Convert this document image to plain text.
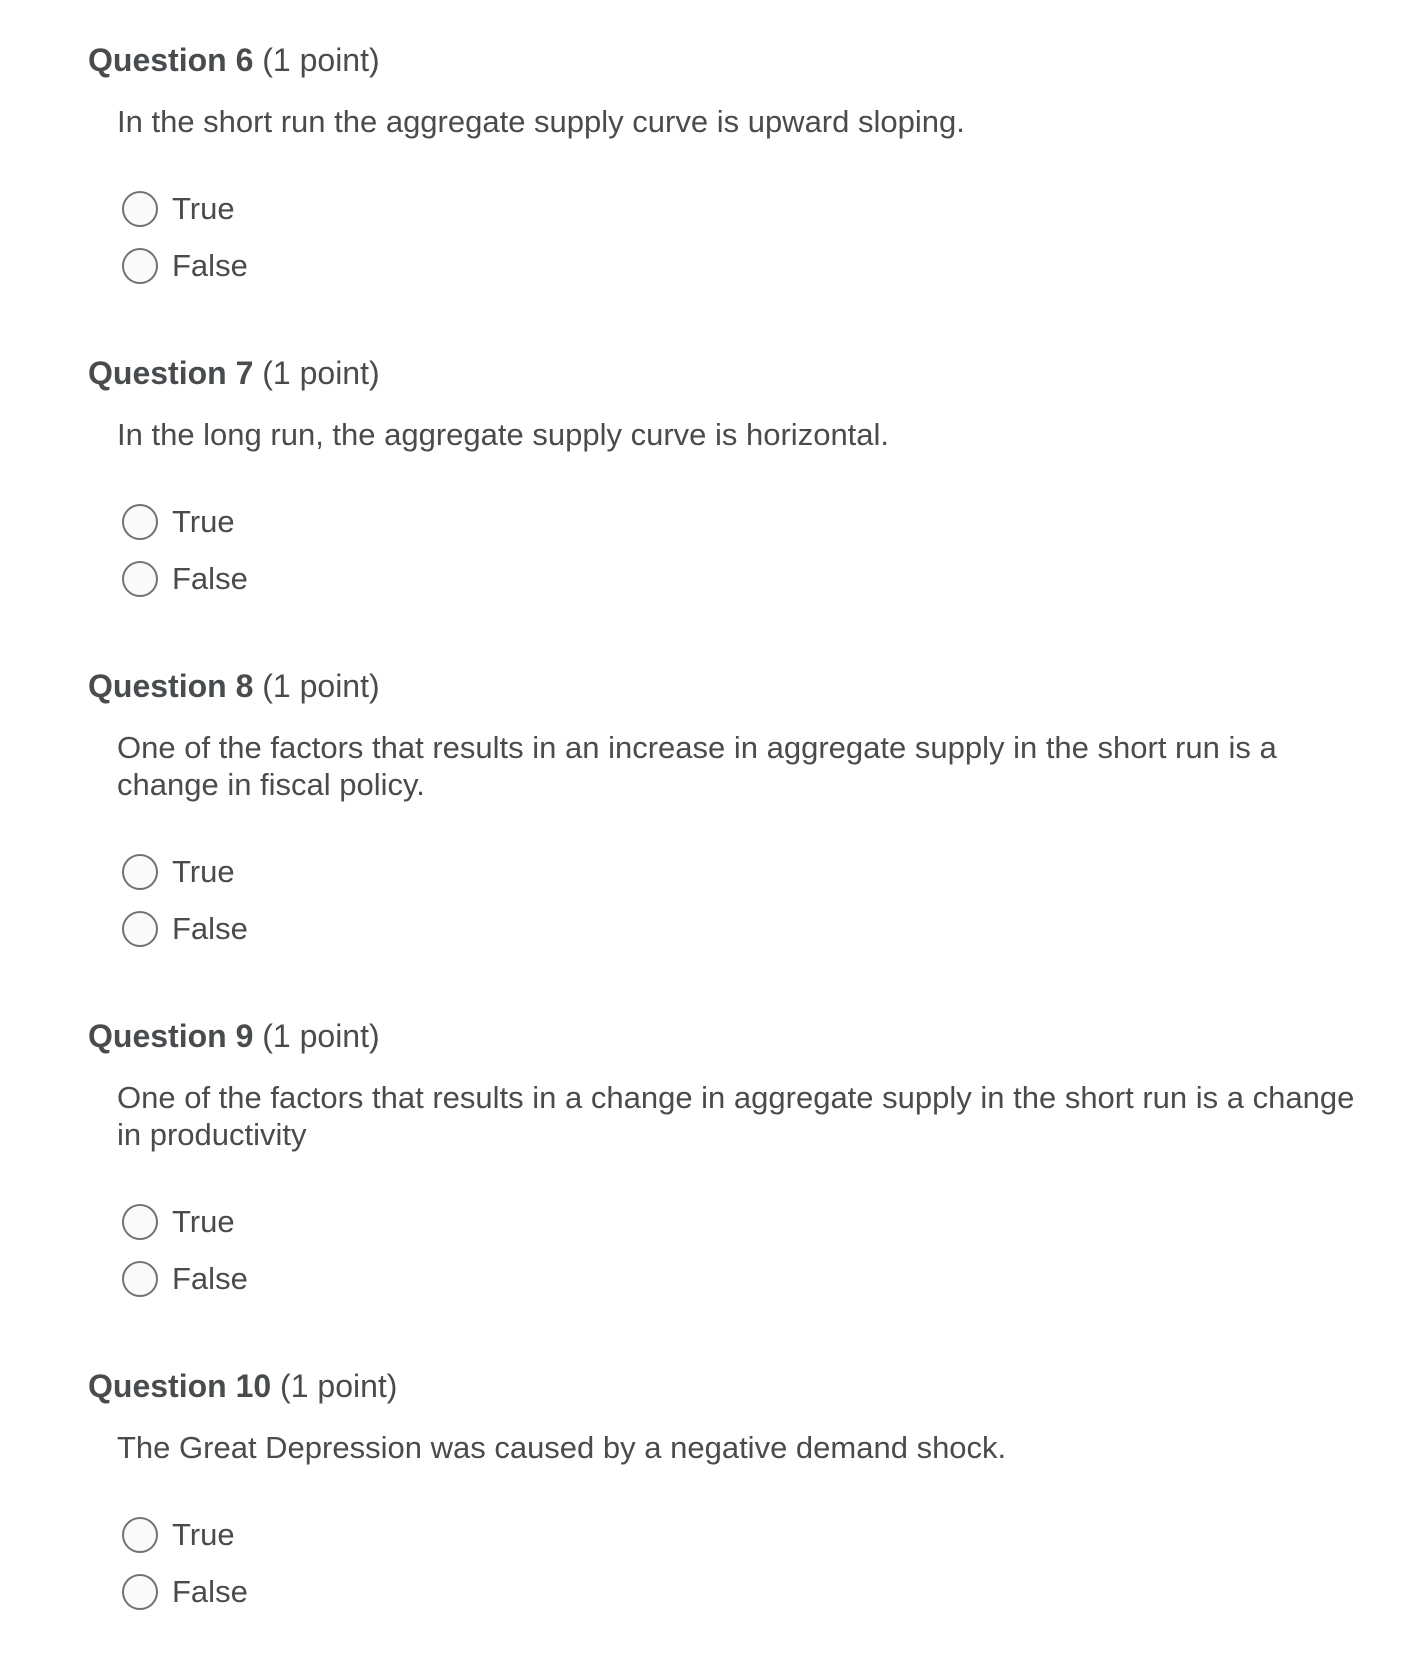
Question 6 (1 point)
In the short run the aggregate supply curve is upward sloping.
True
False
Question 7 (1 point)
In the long run, the aggregate supply curve is horizontal.
True
False
Question 8 (1 point)
One of the factors that results in an increase in aggregate supply in the short run is a change in fiscal policy.
True
False
Question 9 (1 point)
One of the factors that results in a change in aggregate supply in the short run is a change in productivity
True
False
Question 10 (1 point)
The Great Depression was caused by a negative demand shock.
True
False
